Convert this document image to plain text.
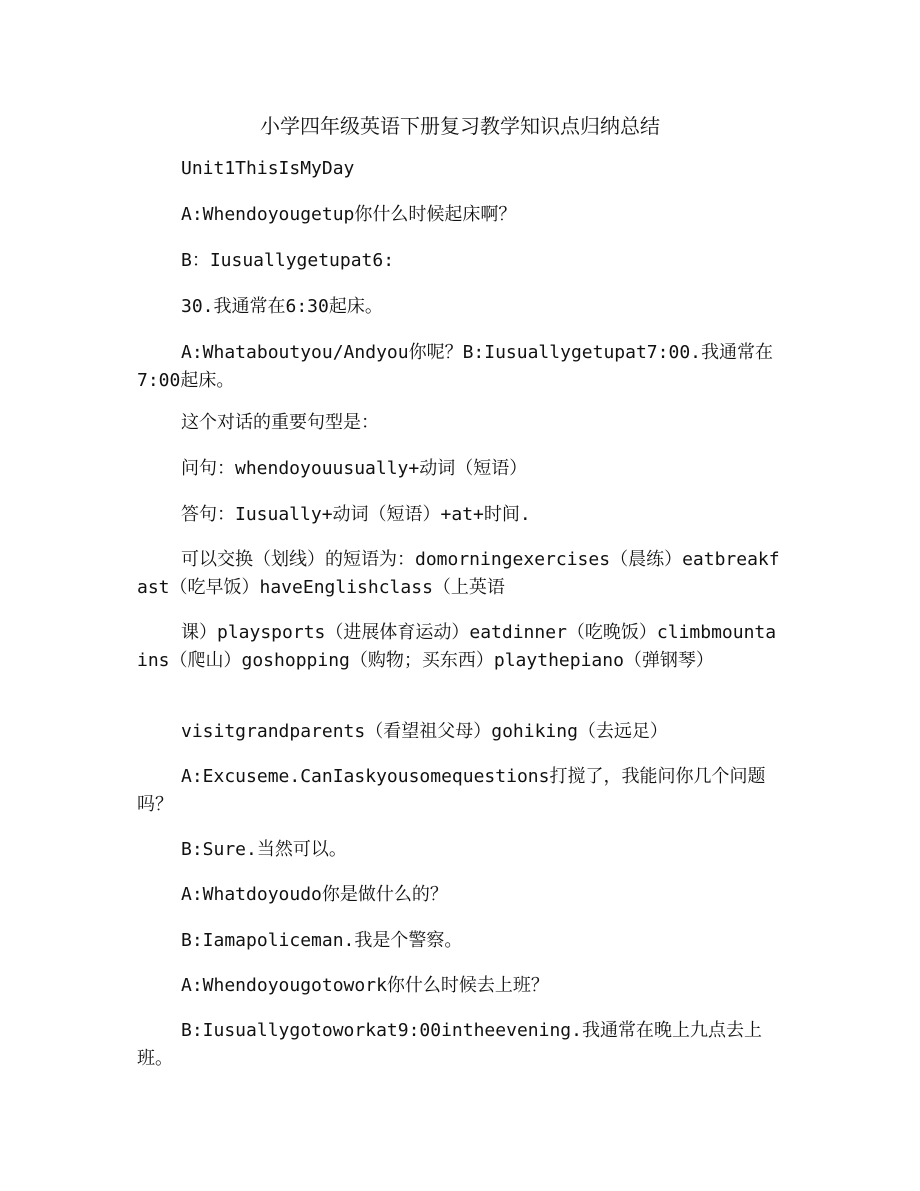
小学四年级英语下册复习教学知识点归纳总结
Unit1ThisIsMyDay
A:Whendoyougetup你什么时候起床啊？
B：Iusuallygetupat6:
30.我通常在6:30起床。
A:Whataboutyou/Andyou你呢？B:Iusuallygetupat7:00.我通常在7:00起床。
这个对话的重要句型是：
问句：whendoyouusually+动词（短语）
答句：Iusually+动词（短语）+at+时间.
可以交换（划线）的短语为：domorningexercises（晨练）eatbreakfast（吃早饭）haveEnglishclass（上英语
课）playsports（进展体育运动）eatdinner（吃晚饭）climbmountains（爬山）goshopping（购物；买东西）playthepiano（弹钢琴）
visitgrandparents（看望祖父母）gohiking（去远足）
A:Excuseme.CanIaskyousomequestions打搅了，我能问你几个问题吗？
B:Sure.当然可以。
A:Whatdoyoudo你是做什么的？
B:Iamapoliceman.我是个警察。
A:Whendoyougotowork你什么时候去上班？
B:Iusuallygotoworkat9:00intheevening.我通常在晚上九点去上班。
